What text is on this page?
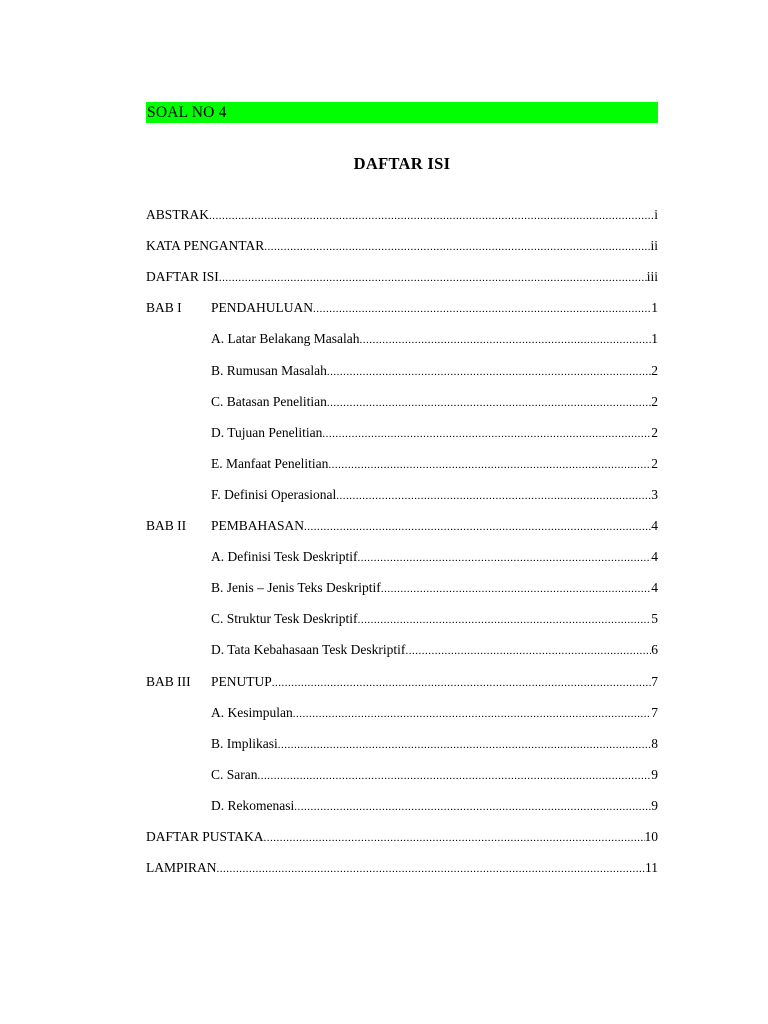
SOAL NO 4
DAFTAR ISI
ABSTRAK .....	i
KATA PENGANTAR .....	ii
DAFTAR ISI .....	iii
BAB I	PENDAHULUAN .....	1
A. Latar Belakang Masalah .....	1
B. Rumusan Masalah .....	2
C. Batasan Penelitian .....	2
D. Tujuan Penelitian .....	2
E. Manfaat Penelitian .....	2
F. Definisi Operasional .....	3
BAB II	PEMBAHASAN .....	4
A. Definisi Tesk Deskriptif .....	4
B. Jenis – Jenis Teks Deskriptif .....	4
C. Struktur Tesk Deskriptif .....	5
D. Tata Kebahasaan Tesk Deskriptif .....	6
BAB III	PENUTUP .....	7
A. Kesimpulan .....	7
B. Implikasi .....	8
C. Saran .....	9
D. Rekomenasi .....	9
DAFTAR PUSTAKA .....	10
LAMPIRAN .....	11
